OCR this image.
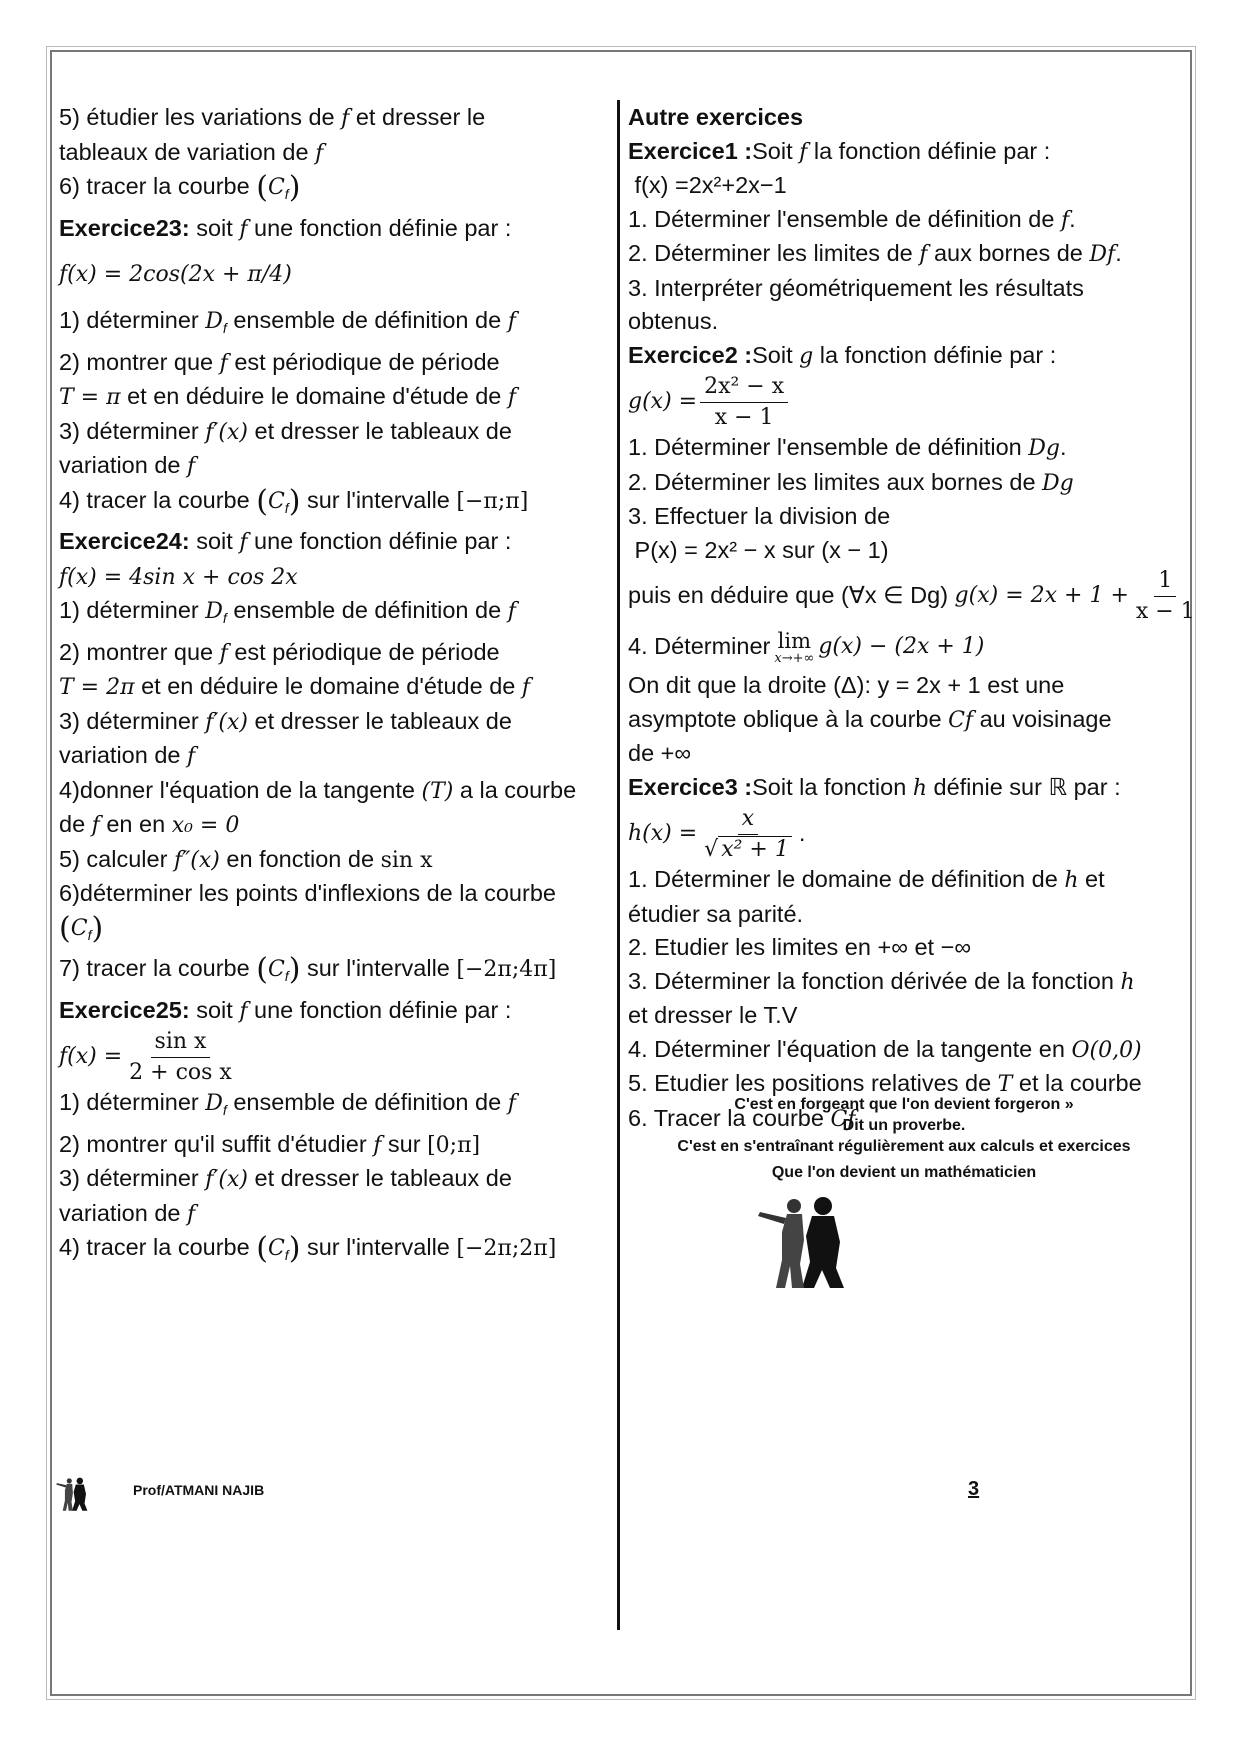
5) étudier les variations de f et dresser le
tableaux de variation de f
6) tracer la courbe $(C_f)$
Exercice23: soit f une fonction définie par :
f(x) = 2cos(2x + π/4)
1) déterminer $D_f$ ensemble de définition de f
2) montrer que f est périodique de période
T = π et en déduire le domaine d'étude de f
3) déterminer f′(x) et dresser le tableaux de
variation de f
4) tracer la courbe $(C_f)$ sur l'intervalle [−π;π]
Exercice24: soit f une fonction définie par :
f(x) = 4sin x + cos 2x
1) déterminer $D_f$ ensemble de définition de f
2) montrer que f est périodique de période
T = 2π et en déduire le domaine d'étude de f
3) déterminer f′(x) et dresser le tableaux de
variation de f
4)donner l'équation de la tangente (T) a la courbe
de f en en x₀ = 0
5) calculer f″(x) en fonction de sin x
6)déterminer les points d'inflexions de la courbe
$(C_f)$
7) tracer la courbe $(C_f)$ sur l'intervalle [−2π;4π]
Exercice25: soit f une fonction définie par :
$f(x) = \frac{\text{sin x}}{\text{2 + cos x}}$
1) déterminer $D_f$ ensemble de définition de f
2) montrer qu'il suffit d'étudier f sur [0;π]
3) déterminer f′(x) et dresser le tableaux de
variation de f
4) tracer la courbe $(C_f)$ sur l'intervalle [−2π;2π]
Autre exercices
Exercice1 :Soit f la fonction définie par :
f(x) =2x²+2x−1
1. Déterminer l'ensemble de définition de f.
2. Déterminer les limites de f aux bornes de Df.
3. Interpréter géométriquement les résultats
obtenus.
Exercice2 :Soit g la fonction définie par :
$g(x) = \frac{\text{2x² − x}}{x - 1}$
1. Déterminer l'ensemble de définition Dg.
2. Déterminer les limites aux bornes de Dg
3. Effectuer la division de
P(x) = 2x² − x sur (x − 1)
puis en déduire que (∀x ∈ Dg)
$g(x) = 2x + 1 + \frac{1}{x - 1}$
4. Déterminer lim
x→+∞ g(x) − (2x + 1)
On dit que la droite (Δ): y = 2x + 1 est une
asymptote oblique à la courbe Cf au voisinage
de +∞
Exercice3 :Soit la fonction h définie sur ℝ par :
$h(x) = \frac{x}{\text{√ x² + 1}}$ .
1. Déterminer le domaine de définition de h et
étudier sa parité.
2. Etudier les limites en +∞ et −∞
3. Déterminer la fonction dérivée de la fonction h
et dresser le T.V
4. Déterminer l'équation de la tangente en O(0,0)
5. Etudier les positions relatives de T et la courbe
6. Tracer la courbe Cf
C'est en forgeant que l'on devient forgeron »
Dit un proverbe.
C'est en s'entraînant régulièrement aux calculs et exercices
Que l'on devient un mathématicien
Prof/ATMANI NAJIB	3
